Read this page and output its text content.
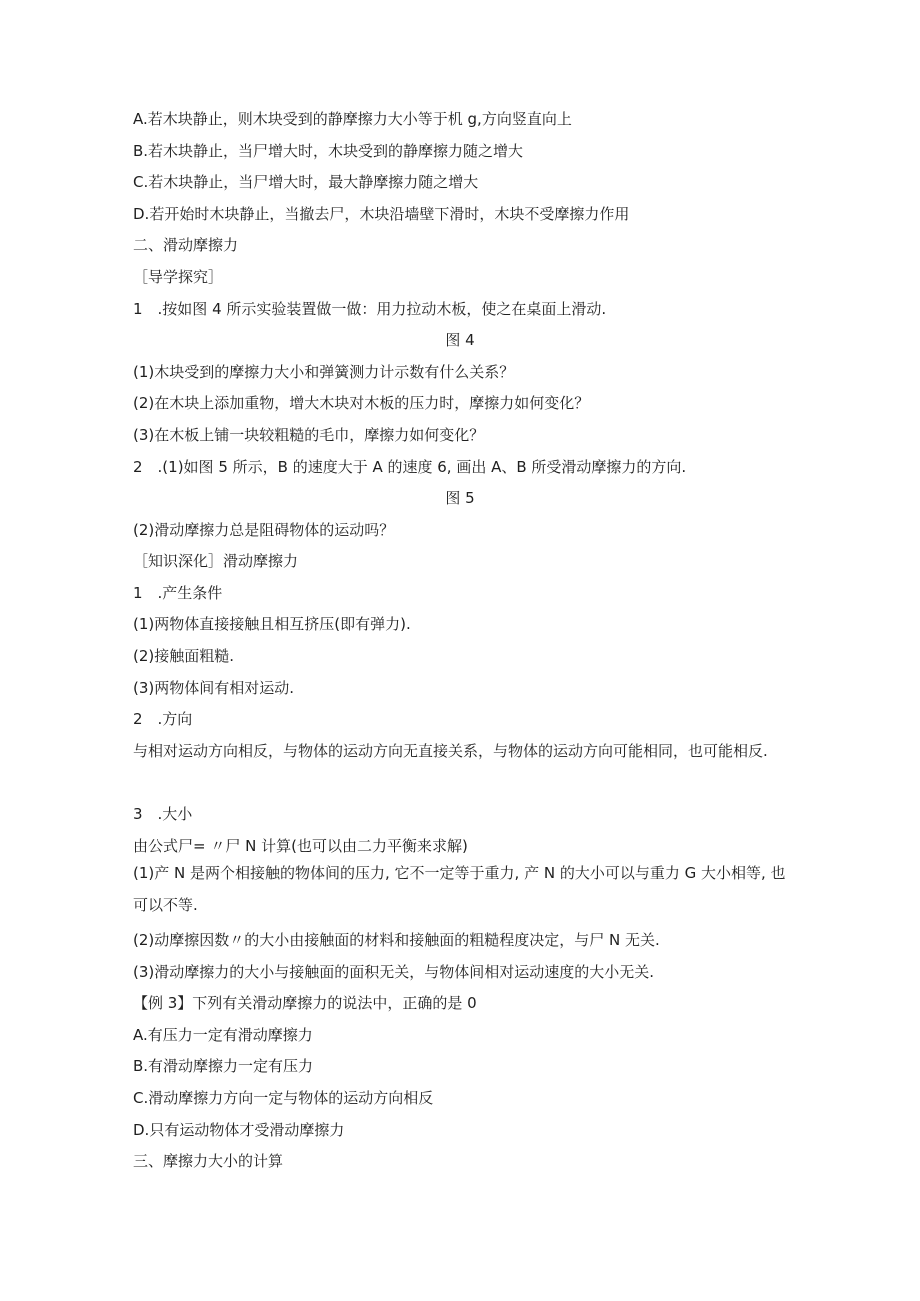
A.若木块静止，则木块受到的静摩擦力大小等于机 g,方向竖直向上
B.若木块静止，当尸增大时，木块受到的静摩擦力随之增大
C.若木块静止，当尸增大时，最大静摩擦力随之增大
D.若开始时木块静止，当撤去尸，木块沿墙壁下滑时，木块不受摩擦力作用
二、滑动摩擦力
［导学探究］
1　.按如图 4 所示实验装置做一做：用力拉动木板，使之在桌面上滑动.
图 4
(1)木块受到的摩擦力大小和弹簧测力计示数有什么关系？
(2)在木块上添加重物，增大木块对木板的压力时，摩擦力如何变化？
(3)在木板上铺一块较粗糙的毛巾，摩擦力如何变化？
2　.(1)如图 5 所示，B 的速度大于 A 的速度 6, 画出 A、B 所受滑动摩擦力的方向.
图 5
(2)滑动摩擦力总是阻碍物体的运动吗？
［知识深化］滑动摩擦力
1　.产生条件
(1)两物体直接接触且相互挤压(即有弹力).
(2)接触面粗糙.
(3)两物体间有相对运动.
2　.方向
与相对运动方向相反，与物体的运动方向无直接关系，与物体的运动方向可能相同，也可能相反.
3　.大小
由公式尸= 〃尸 N 计算(也可以由二力平衡来求解)
(1)产 N 是两个相接触的物体间的压力, 它不一定等于重力, 产 N 的大小可以与重力 G 大小相等, 也可以不等.
(2)动摩擦因数〃的大小由接触面的材料和接触面的粗糙程度决定，与尸 N 无关.
(3)滑动摩擦力的大小与接触面的面积无关，与物体间相对运动速度的大小无关.
【例 3】下列有关滑动摩擦力的说法中，正确的是 0
A.有压力一定有滑动摩擦力
B.有滑动摩擦力一定有压力
C.滑动摩擦力方向一定与物体的运动方向相反
D.只有运动物体才受滑动摩擦力
三、摩擦力大小的计算
